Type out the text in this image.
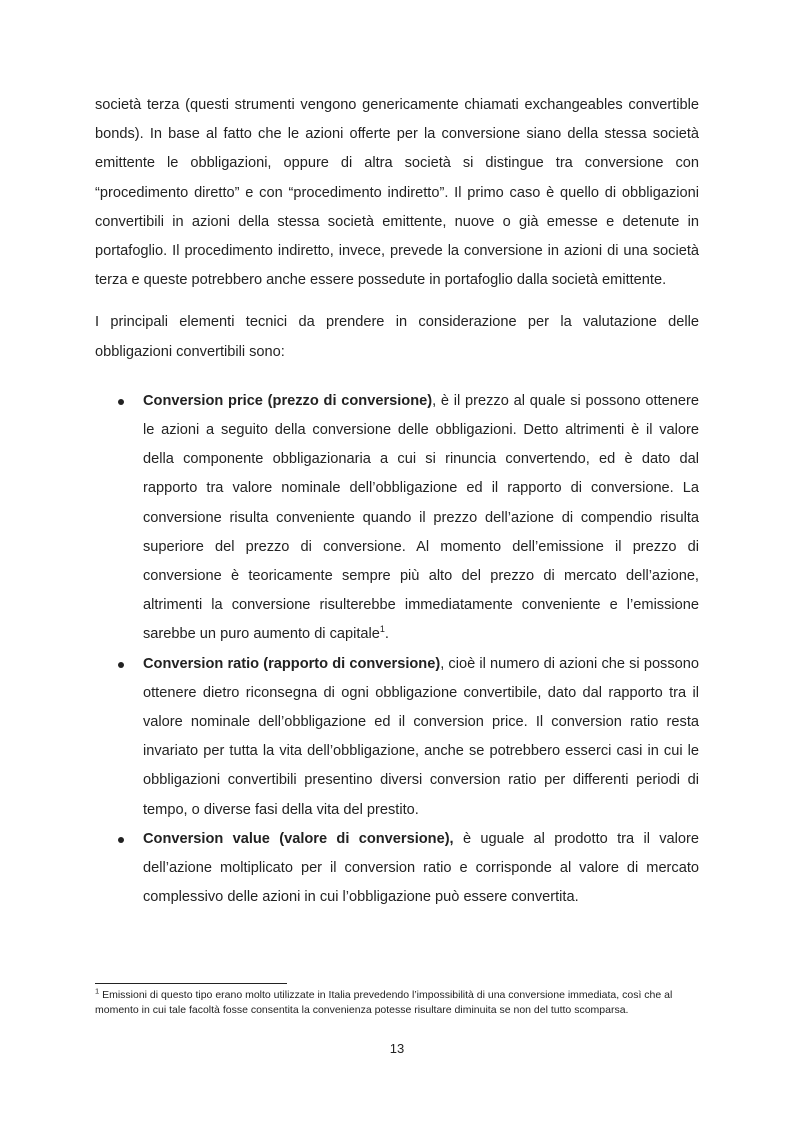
società terza (questi strumenti vengono genericamente chiamati exchangeables convertible bonds). In base al fatto che le azioni offerte per la conversione siano della stessa società emittente le obbligazioni, oppure di altra società si distingue tra conversione con “procedimento diretto” e con “procedimento indiretto”. Il primo caso è quello di obbligazioni convertibili in azioni della stessa società emittente, nuove o già emesse e detenute in portafoglio. Il procedimento indiretto, invece, prevede la conversione in azioni di una società terza e queste potrebbero anche essere possedute in portafoglio dalla società emittente.

I principali elementi tecnici da prendere in considerazione per la valutazione delle obbligazioni convertibili sono:

Conversion price (prezzo di conversione), è il prezzo al quale si possono ottenere le azioni a seguito della conversione delle obbligazioni. Detto altrimenti è il valore della componente obbligazionaria a cui si rinuncia convertendo, ed è dato dal rapporto tra valore nominale dell’obbligazione ed il rapporto di conversione. La conversione risulta conveniente quando il prezzo dell’azione di compendio risulta superiore del prezzo di conversione. Al momento dell’emissione il prezzo di conversione è teoricamente sempre più alto del prezzo di mercato dell’azione, altrimenti la conversione risulterebbe immediatamente conveniente e l’emissione sarebbe un puro aumento di capitale$^1$.
Conversion ratio (rapporto di conversione), cioè il numero di azioni che si possono ottenere dietro riconsegna di ogni obbligazione convertibile, dato dal rapporto tra il valore nominale dell’obbligazione ed il conversion price. Il conversion ratio resta invariato per tutta la vita dell’obbligazione, anche se potrebbero esserci casi in cui le obbligazioni convertibili presentino diversi conversion ratio per differenti periodi di tempo, o diverse fasi della vita del prestito.
Conversion value (valore di conversione), è uguale al prodotto tra il valore dell’azione moltiplicato per il conversion ratio e corrisponde al valore di mercato complessivo delle azioni in cui l’obbligazione può essere convertita.
$^1$ Emissioni di questo tipo erano molto utilizzate in Italia prevedendo l’impossibilità di una conversione immediata, così che al momento in cui tale facoltà fosse consentita la convenienza potesse risultare diminuita se non del tutto scomparsa.
13
